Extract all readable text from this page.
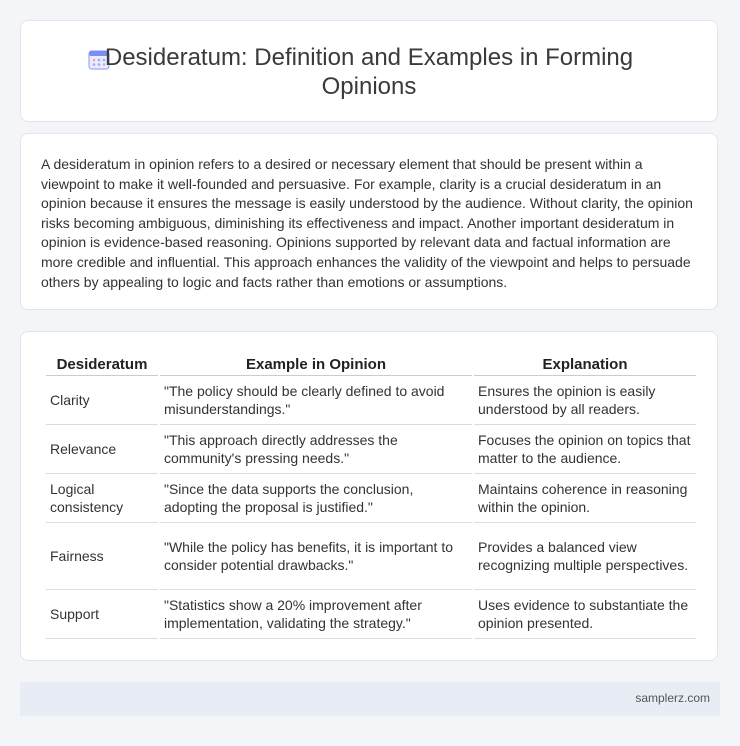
Desideratum: Definition and Examples in Forming
Opinions
A desideratum in opinion refers to a desired or necessary element that should be present within a viewpoint to make it well-founded and persuasive. For example, clarity is a crucial desideratum in an opinion because it ensures the message is easily understood by the audience. Without clarity, the opinion risks becoming ambiguous, diminishing its effectiveness and impact. Another important desideratum in opinion is evidence-based reasoning. Opinions supported by relevant data and factual information are more credible and influential. This approach enhances the validity of the viewpoint and helps to persuade others by appealing to logic and facts rather than emotions or assumptions.
Desideratum	Example in Opinion	Explanation
Clarity	"The policy should be clearly defined to avoid misunderstandings."	Ensures the opinion is easily understood by all readers.
Relevance	"This approach directly addresses the community's pressing needs."	Focuses the opinion on topics that matter to the audience.
Logical consistency	"Since the data supports the conclusion, adopting the proposal is justified."	Maintains coherence in reasoning within the opinion.
Fairness	"While the policy has benefits, it is important to consider potential drawbacks."	Provides a balanced view recognizing multiple perspectives.
Support	"Statistics show a 20% improvement after implementation, validating the strategy."	Uses evidence to substantiate the opinion presented.
samplerz.com
